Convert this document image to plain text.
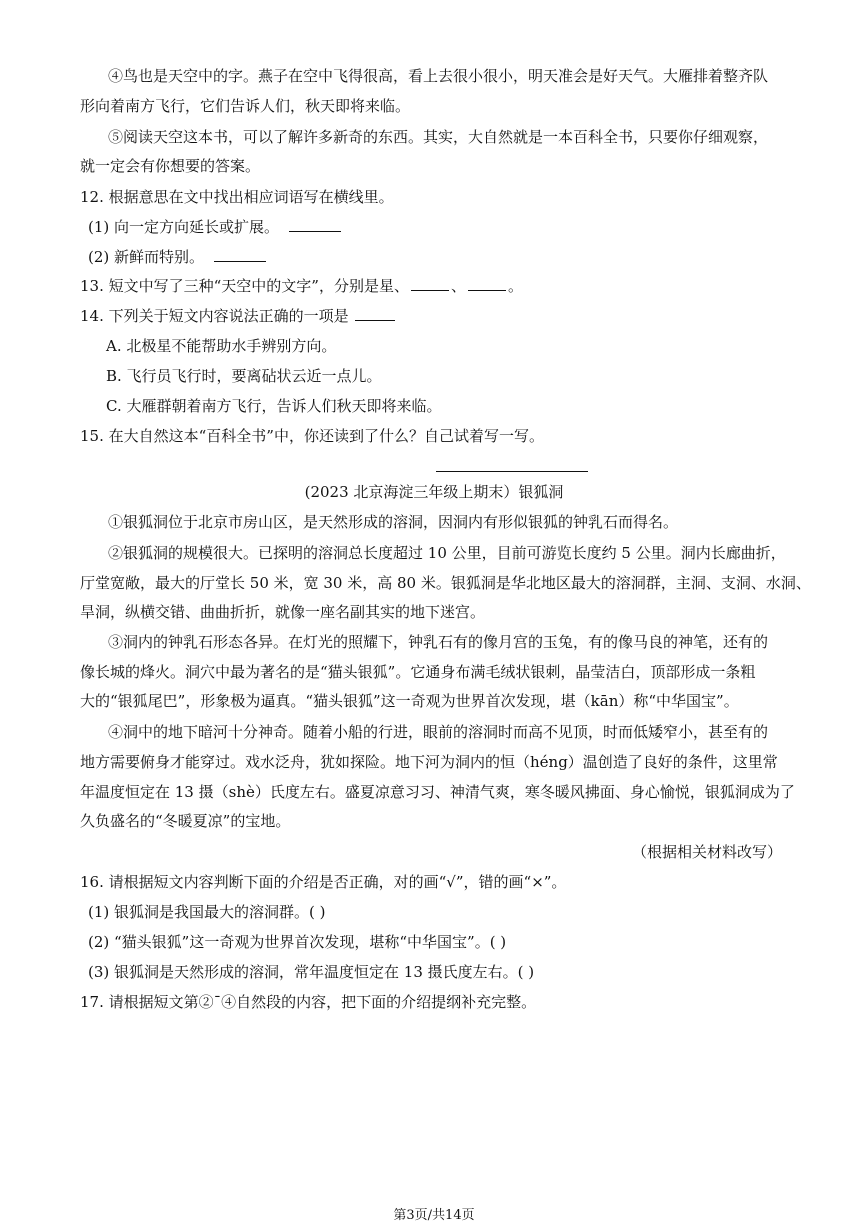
④鸟也是天空中的字。燕子在空中飞得很高，看上去很小很小，明天准会是好天气。大雁排着整齐队
形向着南方飞行，它们告诉人们，秋天即将来临。
⑤阅读天空这本书，可以了解许多新奇的东西。其实，大自然就是一本百科全书，只要你仔细观察，
就一定会有你想要的答案。
12. 根据意思在文中找出相应词语写在横线里。
(1) 向一定方向延长或扩展。
(2) 新鲜而特别。
13. 短文中写了三种“天空中的文字”，分别是星、	、	。
14. 下列关于短文内容说法正确的一项是
A. 北极星不能帮助水手辨别方向。
B. 飞行员飞行时，要离砧状云近一点儿。
C. 大雁群朝着南方飞行，告诉人们秋天即将来临。
15. 在大自然这本“百科全书”中，你还读到了什么？自己试着写一写。
(2023 北京海淀三年级上期末）银狐洞
①银狐洞位于北京市房山区，是天然形成的溶洞，因洞内有形似银狐的钟乳石而得名。
②银狐洞的规模很大。已探明的溶洞总长度超过 10 公里，目前可游览长度约 5 公里。洞内长廊曲折，
厅堂宽敞，最大的厅堂长 50 米，宽 30 米，高 80 米。银狐洞是华北地区最大的溶洞群，主洞、支洞、水洞、
旱洞，纵横交错、曲曲折折，就像一座名副其实的地下迷宫。
③洞内的钟乳石形态各异。在灯光的照耀下，钟乳石有的像月宫的玉兔，有的像马良的神笔，还有的
像长城的烽火。洞穴中最为著名的是“猫头银狐”。它通身布满毛绒状银刺，晶莹洁白，顶部形成一条粗
大的“银狐尾巴”，形象极为逼真。“猫头银狐”这一奇观为世界首次发现，堪（kān）称“中华国宝”。
④洞中的地下暗河十分神奇。随着小船的行进，眼前的溶洞时而高不见顶，时而低矮窄小，甚至有的
地方需要俯身才能穿过。戏水泛舟，犹如探险。地下河为洞内的恒（héng）温创造了良好的条件，这里常
年温度恒定在 13 摄（shè）氏度左右。盛夏凉意习习、神清气爽，寒冬暖风拂面、身心愉悦，银狐洞成为了
久负盛名的“冬暖夏凉”的宝地。
（根据相关材料改写）
16. 请根据短文内容判断下面的介绍是否正确，对的画“√”，错的画“×”。
(1) 银狐洞是我国最大的溶洞群。( )
(2) “猫头银狐”这一奇观为世界首次发现，堪称“中华国宝”。( )
(3) 银狐洞是天然形成的溶洞，常年温度恒定在 13 摄氏度左右。( )
17. 请根据短文第②ˉ④自然段的内容，把下面的介绍提纲补充完整。
第3页/共14页
